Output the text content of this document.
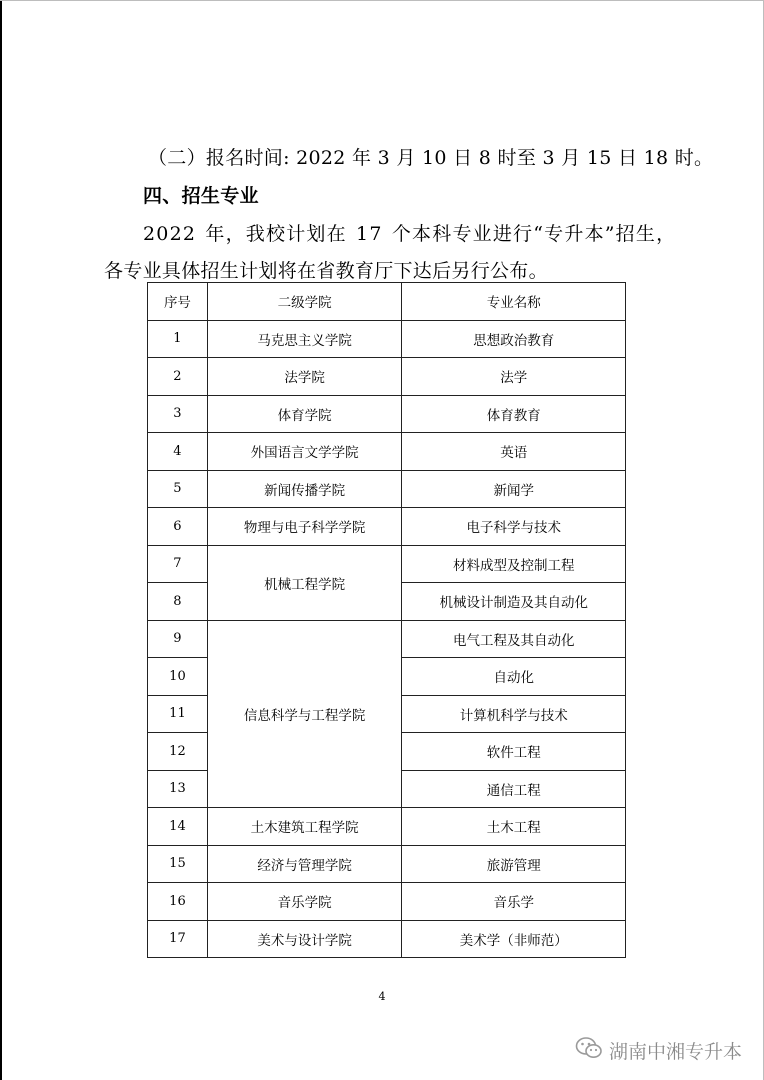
（二）报名时间: 2022 年 3 月 10 日 8 时至 3 月 15 日 18 时。
四、招生专业
2022 年，我校计划在 17 个本科专业进行“专升本”招生，
各专业具体招生计划将在省教育厅下达后另行公布。
序号	二级学院	专业名称
1	马克思主义学院	思想政治教育
2	法学院	法学
3	体育学院	体育教育
4	外国语言文学学院	英语
5	新闻传播学院	新闻学
6	物理与电子科学学院	电子科学与技术
7	机械工程学院	材料成型及控制工程
8		机械设计制造及其自动化
9	信息科学与工程学院	电气工程及其自动化
10		自动化
11		计算机科学与技术
12		软件工程
13		通信工程
14	土木建筑工程学院	土木工程
15	经济与管理学院	旅游管理
16	音乐学院	音乐学
17	美术与设计学院	美术学（非师范）
4
湖南中湘专升本
